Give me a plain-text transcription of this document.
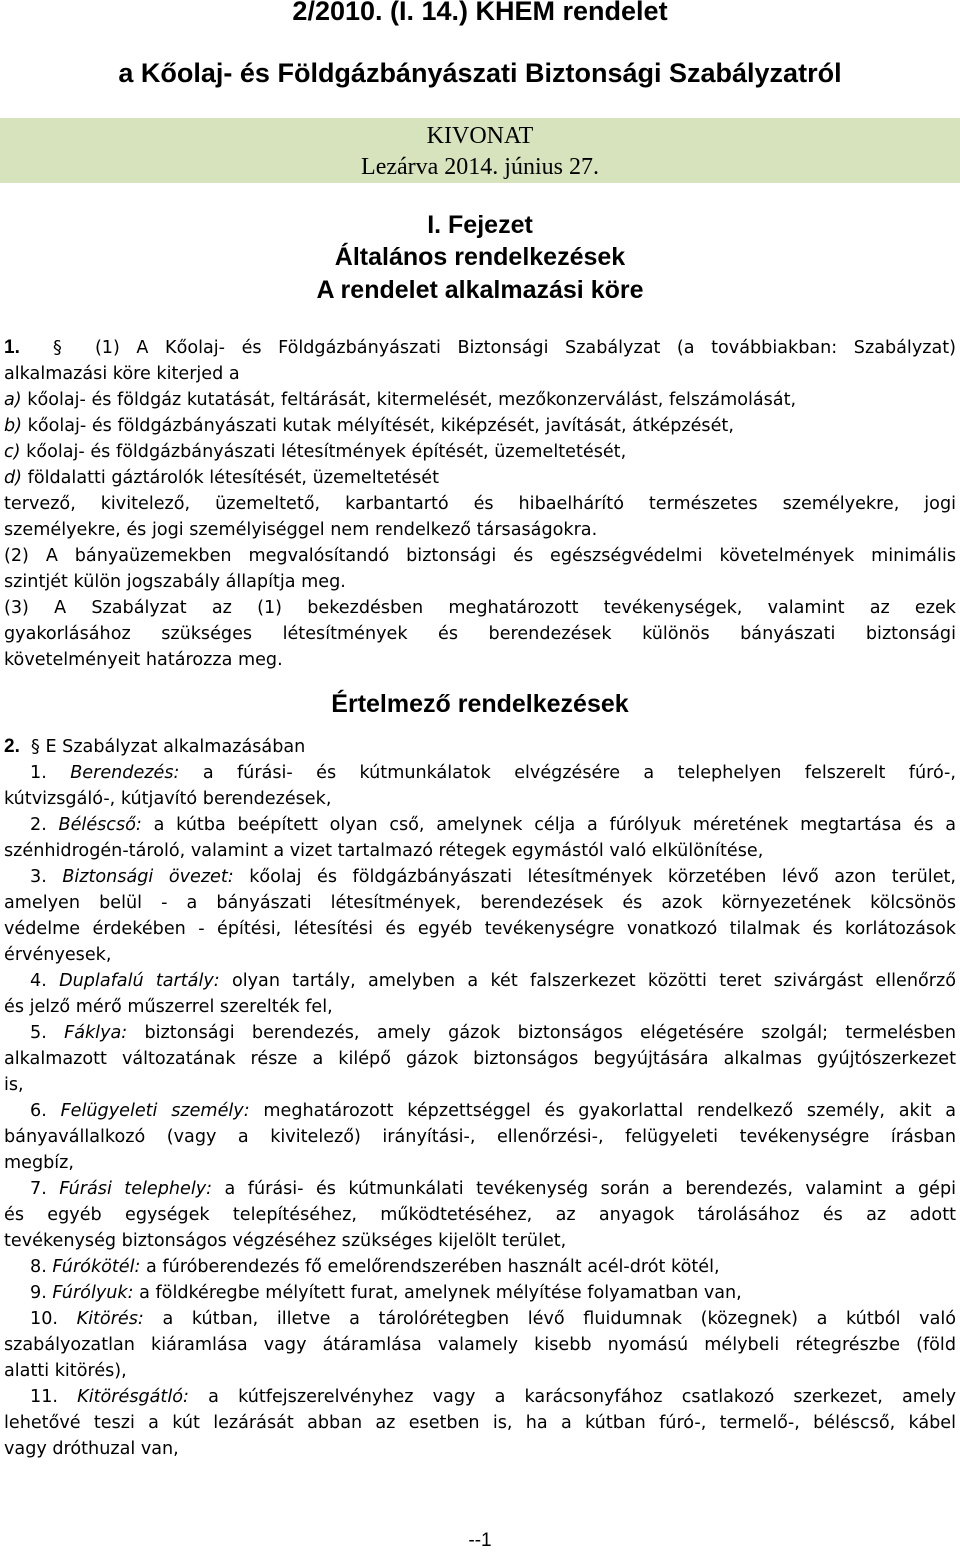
2/2010. (I. 14.) KHEM rendelet
a Kőolaj- és Földgázbányászati Biztonsági Szabályzatról
KIVONAT
Lezárva 2014. június 27.
I. Fejezet
Általános rendelkezések
A rendelet alkalmazási köre

1. § (1) A Kőolaj- és Földgázbányászati Biztonsági Szabályzat (a továbbiakban: Szabályzat)

alkalmazási köre kiterjed a

a) kőolaj- és földgáz kutatását, feltárását, kitermelését, mezőkonzerválást, felszámolását,

b) kőolaj- és földgázbányászati kutak mélyítését, kiképzését, javítását, átképzését,

c) kőolaj- és földgázbányászati létesítmények építését, üzemeltetését,

d) földalatti gáztárolók létesítését, üzemeltetését

tervező, kivitelező, üzemeltető, karbantartó és hibaelhárító természetes személyekre, jogi

személyekre, és jogi személyiséggel nem rendelkező társaságokra.

(2) A bányaüzemekben megvalósítandó biztonsági és egészségvédelmi követelmények minimális

szintjét külön jogszabály állapítja meg.

(3) A Szabályzat az (1) bekezdésben meghatározott tevékenységek, valamint az ezek

gyakorlásához szükséges létesítmények és berendezések különös bányászati biztonsági

követelményeit határozza meg.

Értelmező rendelkezések

2. § E Szabályzat alkalmazásában

1. Berendezés: a fúrási- és kútmunkálatok elvégzésére a telephelyen felszerelt fúró-,

kútvizsgáló-, kútjavító berendezések,

2. Béléscső: a kútba beépített olyan cső, amelynek célja a fúrólyuk méretének megtartása és a

szénhidrogén-tároló, valamint a vizet tartalmazó rétegek egymástól való elkülönítése,

3. Biztonsági övezet: kőolaj és földgázbányászati létesítmények körzetében lévő azon terület,

amelyen belül - a bányászati létesítmények, berendezések és azok környezetének kölcsönös

védelme érdekében - építési, létesítési és egyéb tevékenységre vonatkozó tilalmak és korlátozások

érvényesek,

4. Duplafalú tartály: olyan tartály, amelyben a két falszerkezet közötti teret szivárgást ellenőrző

és jelző mérő műszerrel szerelték fel,

5. Fáklya: biztonsági berendezés, amely gázok biztonságos elégetésére szolgál; termelésben

alkalmazott változatának része a kilépő gázok biztonságos begyújtására alkalmas gyújtószerkezet

is,

6. Felügyeleti személy: meghatározott képzettséggel és gyakorlattal rendelkező személy, akit a

bányavállalkozó (vagy a kivitelező) irányítási-, ellenőrzési-, felügyeleti tevékenységre írásban

megbíz,

7. Fúrási telephely: a fúrási- és kútmunkálati tevékenység során a berendezés, valamint a gépi

és egyéb egységek telepítéséhez, működtetéséhez, az anyagok tárolásához és az adott

tevékenység biztonságos végzéséhez szükséges kijelölt terület,

8. Fúrókötél: a fúróberendezés fő emelőrendszerében használt acél-drót kötél,

9. Fúrólyuk: a földkéregbe mélyített furat, amelynek mélyítése folyamatban van,

10. Kitörés: a kútban, illetve a tárolórétegben lévő fluidumnak (közegnek) a kútból való

szabályozatlan kiáramlása vagy átáramlása valamely kisebb nyomású mélybeli rétegrészbe (föld

alatti kitörés),

11. Kitörésgátló: a kútfejszerelvényhez vagy a karácsonyfához csatlakozó szerkezet, amely

lehetővé teszi a kút lezárását abban az esetben is, ha a kútban fúró-, termelő-, béléscső, kábel

vagy dróthuzal van,

--1
